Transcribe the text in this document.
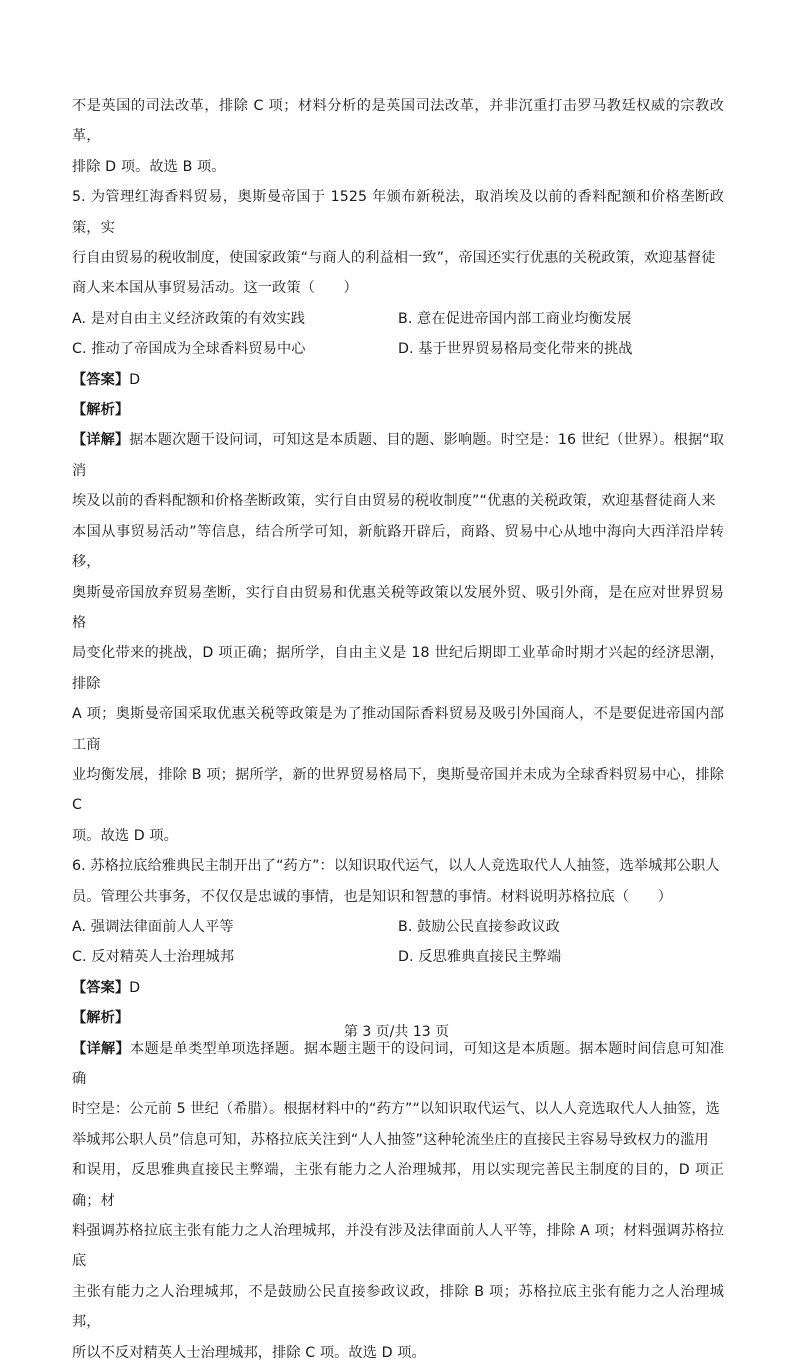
不是英国的司法改革，排除 C 项；材料分析的是英国司法改革，并非沉重打击罗马教廷权威的宗教改革，
排除 D 项。故选 B 项。
5. 为管理红海香料贸易，奥斯曼帝国于 1525 年颁布新税法，取消埃及以前的香料配额和价格垄断政策，实
行自由贸易的税收制度，使国家政策“与商人的利益相一致”，帝国还实行优惠的关税政策，欢迎基督徒
商人来本国从事贸易活动。这一政策（　　）
A. 是对自由主义经济政策的有效实践	B. 意在促进帝国内部工商业均衡发展
C. 推动了帝国成为全球香料贸易中心	D. 基于世界贸易格局变化带来的挑战
【答案】D
【解析】
【详解】据本题次题干设问词，可知这是本质题、目的题、影响题。时空是：16 世纪（世界）。根据“取消
埃及以前的香料配额和价格垄断政策，实行自由贸易的税收制度”“优惠的关税政策，欢迎基督徒商人来
本国从事贸易活动”等信息，结合所学可知，新航路开辟后，商路、贸易中心从地中海向大西洋沿岸转移，
奥斯曼帝国放弃贸易垄断，实行自由贸易和优惠关税等政策以发展外贸、吸引外商，是在应对世界贸易格
局变化带来的挑战，D 项正确；据所学，自由主义是 18 世纪后期即工业革命时期才兴起的经济思潮，排除
A 项；奥斯曼帝国采取优惠关税等政策是为了推动国际香料贸易及吸引外国商人，不是要促进帝国内部工商
业均衡发展，排除 B 项；据所学，新的世界贸易格局下，奥斯曼帝国并未成为全球香料贸易中心，排除 C
项。故选 D 项。
6. 苏格拉底给雅典民主制开出了“药方”：以知识取代运气，以人人竞选取代人人抽签，选举城邦公职人
员。管理公共事务，不仅仅是忠诚的事情，也是知识和智慧的事情。材料说明苏格拉底（　　）
A. 强调法律面前人人平等	B. 鼓励公民直接参政议政
C. 反对精英人士治理城邦	D. 反思雅典直接民主弊端
【答案】D
【解析】
【详解】本题是单类型单项选择题。据本题主题干的设问词，可知这是本质题。据本题时间信息可知准确
时空是：公元前 5 世纪（希腊）。根据材料中的“药方”“以知识取代运气、以人人竞选取代人人抽签，选
举城邦公职人员”信息可知，苏格拉底关注到“人人抽签”这种轮流坐庄的直接民主容易导致权力的滥用
和误用，反思雅典直接民主弊端，主张有能力之人治理城邦，用以实现完善民主制度的目的，D 项正确；材
料强调苏格拉底主张有能力之人治理城邦，并没有涉及法律面前人人平等，排除 A 项；材料强调苏格拉底
主张有能力之人治理城邦，不是鼓励公民直接参政议政，排除 B 项；苏格拉底主张有能力之人治理城邦，
所以不反对精英人士治理城邦，排除 C 项。故选 D 项。
第 3 页/共 13 页
